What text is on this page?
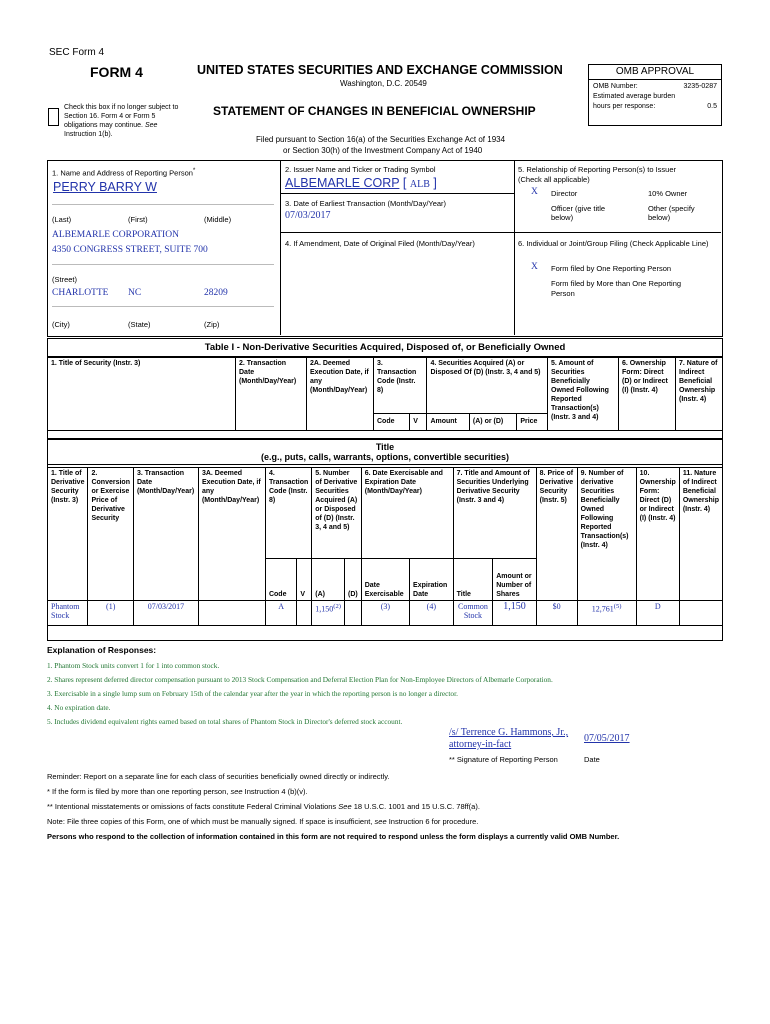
SEC Form 4
FORM 4	UNITED STATES SECURITIES AND EXCHANGE COMMISSION
Washington, D.C. 20549
Check this box if no longer subject to Section 16. Form 4 or Form 5 obligations may continue. See Instruction 1(b).
STATEMENT OF CHANGES IN BENEFICIAL OWNERSHIP
Filed pursuant to Section 16(a) of the Securities Exchange Act of 1934
or Section 30(h) of the Investment Company Act of 1940
OMB APPROVAL
OMB Number:	3235-0287
Estimated average burden
hours per response:	0.5
1. Name and Address of Reporting Person*
PERRY BARRY W
(Last)	(First)	(Middle)
ALBEMARLE CORPORATION
4350 CONGRESS STREET, SUITE 700
(Street)
CHARLOTTE NC	28209
(City)	(State)	(Zip)
2. Issuer Name and Ticker or Trading Symbol
ALBEMARLE CORP [ ALB ]
3. Date of Earliest Transaction (Month/Day/Year)
07/03/2017
4. If Amendment, Date of Original Filed (Month/Day/Year)
5. Relationship of Reporting Person(s) to Issuer
(Check all applicable)
X Director	10% Owner
Officer (give title below)
Other (specify below)
6. Individual or Joint/Group Filing (Check Applicable Line)
X Form filed by One Reporting Person
Form filed by More than One Reporting Person
Table I - Non-Derivative Securities Acquired, Disposed of, or Beneficially Owned
1. Title of Security (Instr. 3)	2. Transaction Date (Month/Day/Year)	2A. Deemed Execution Date, if any (Month/Day/Year)	3. Transaction Code (Instr. 8)		4. Securities Acquired (A) or Disposed Of (D) (Instr. 3, 4 and 5)			5. Amount of Securities Beneficially Owned Following Reported Transaction(s) (Instr. 3 and 4)	6. Ownership Form: Direct (D) or Indirect (I) (Instr. 4)	7. Nature of Indirect Beneficial Ownership (Instr. 4)
			Code	V	Amount	(A) or (D)	Price			
Title
(e.g., puts, calls, warrants, options, convertible securities)
1. Title of Derivative Security (Instr. 3)	2. Conversion or Exercise Price of Derivative Security	3. Transaction Date (Month/Day/Year)	3A. Deemed Execution Date, if any (Month/Day/Year)	4. Transaction Code (Instr. 8)		5. Number of Derivative Securities Acquired (A) or Disposed of (D) (Instr. 3, 4 and 5)		6. Date Exercisable and Expiration Date (Month/Day/Year)		7. Title and Amount of Securities Underlying Derivative Security (Instr. 3 and 4)		8. Price of Derivative Security (Instr. 5)	9. Number of derivative Securities Beneficially Owned Following Reported Transaction(s) (Instr. 4)	10. Ownership Form: Direct (D) or Indirect (I) (Instr. 4)	11. Nature of Indirect Beneficial Ownership (Instr. 4)
				Code	V	(A)	(D)	Date Exercisable	Expiration Date	Title	Amount or Number of Shares				
Phantom Stock	(1)	07/03/2017		A		1,150$^{(2)}$		(3)	(4)	Common Stock	1,150	$0	12,761$^{(5)}$	D	
Explanation of Responses:
1. Phantom Stock units convert 1 for 1 into common stock.
2. Shares represent deferred director compensation pursuant to 2013 Stock Compensation and Deferral Election Plan for Non-Employee Directors of Albemarle Corporation.
3. Exercisable in a single lump sum on February 15th of the calendar year after the year in which the reporting person is no longer a director.
4. No expiration date.
5. Includes dividend equivalent rights earned based on total shares of Phantom Stock in Director's deferred stock account.
/s/ Terrence G. Hammons, Jr., attorney-in-fact
07/05/2017
** Signature of Reporting Person	Date
Reminder: Report on a separate line for each class of securities beneficially owned directly or indirectly.
* If the form is filed by more than one reporting person, see Instruction 4 (b)(v).
** Intentional misstatements or omissions of facts constitute Federal Criminal Violations See 18 U.S.C. 1001 and 15 U.S.C. 78ff(a).
Note: File three copies of this Form, one of which must be manually signed. If space is insufficient, see Instruction 6 for procedure.
Persons who respond to the collection of information contained in this form are not required to respond unless the form displays a currently valid OMB Number.
